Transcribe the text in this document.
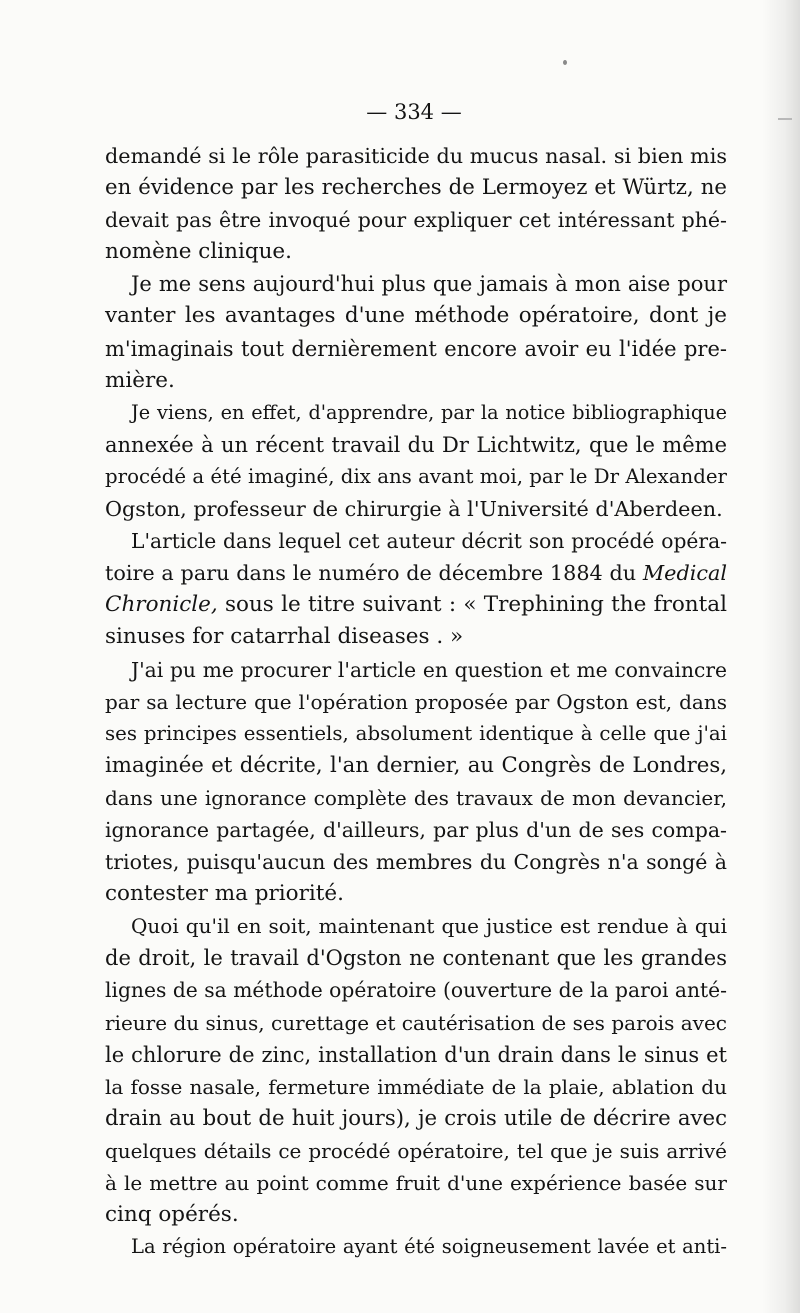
— 334 —
demandé si le rôle parasiticide du mucus nasal. si bien mis
en évidence par les recherches de Lermoyez et Würtz, ne
devait pas être invoqué pour expliquer cet intéressant phé-
nomène clinique.
Je me sens aujourd'hui plus que jamais à mon aise pour
vanter les avantages d'une méthode opératoire, dont je
m'imaginais tout dernièrement encore avoir eu l'idée pre-
mière.
Je viens, en effet, d'apprendre, par la notice bibliographique
annexée à un récent travail du Dr Lichtwitz, que le même
procédé a été imaginé, dix ans avant moi, par le Dr Alexander
Ogston, professeur de chirurgie à l'Université d'Aberdeen.
L'article dans lequel cet auteur décrit son procédé opéra-
toire a paru dans le numéro de décembre 1884 du Medical
Chronicle, sous le titre suivant : « Trephining the frontal
sinuses for catarrhal diseases . »
J'ai pu me procurer l'article en question et me convaincre
par sa lecture que l'opération proposée par Ogston est, dans
ses principes essentiels, absolument identique à celle que j'ai
imaginée et décrite, l'an dernier, au Congrès de Londres,
dans une ignorance complète des travaux de mon devancier,
ignorance partagée, d'ailleurs, par plus d'un de ses compa-
triotes, puisqu'aucun des membres du Congrès n'a songé à
contester ma priorité.
Quoi qu'il en soit, maintenant que justice est rendue à qui
de droit, le travail d'Ogston ne contenant que les grandes
lignes de sa méthode opératoire (ouverture de la paroi anté-
rieure du sinus, curettage et cautérisation de ses parois avec
le chlorure de zinc, installation d'un drain dans le sinus et
la fosse nasale, fermeture immédiate de la plaie, ablation du
drain au bout de huit jours), je crois utile de décrire avec
quelques détails ce procédé opératoire, tel que je suis arrivé
à le mettre au point comme fruit d'une expérience basée sur
cinq opérés.
La région opératoire ayant été soigneusement lavée et anti-
